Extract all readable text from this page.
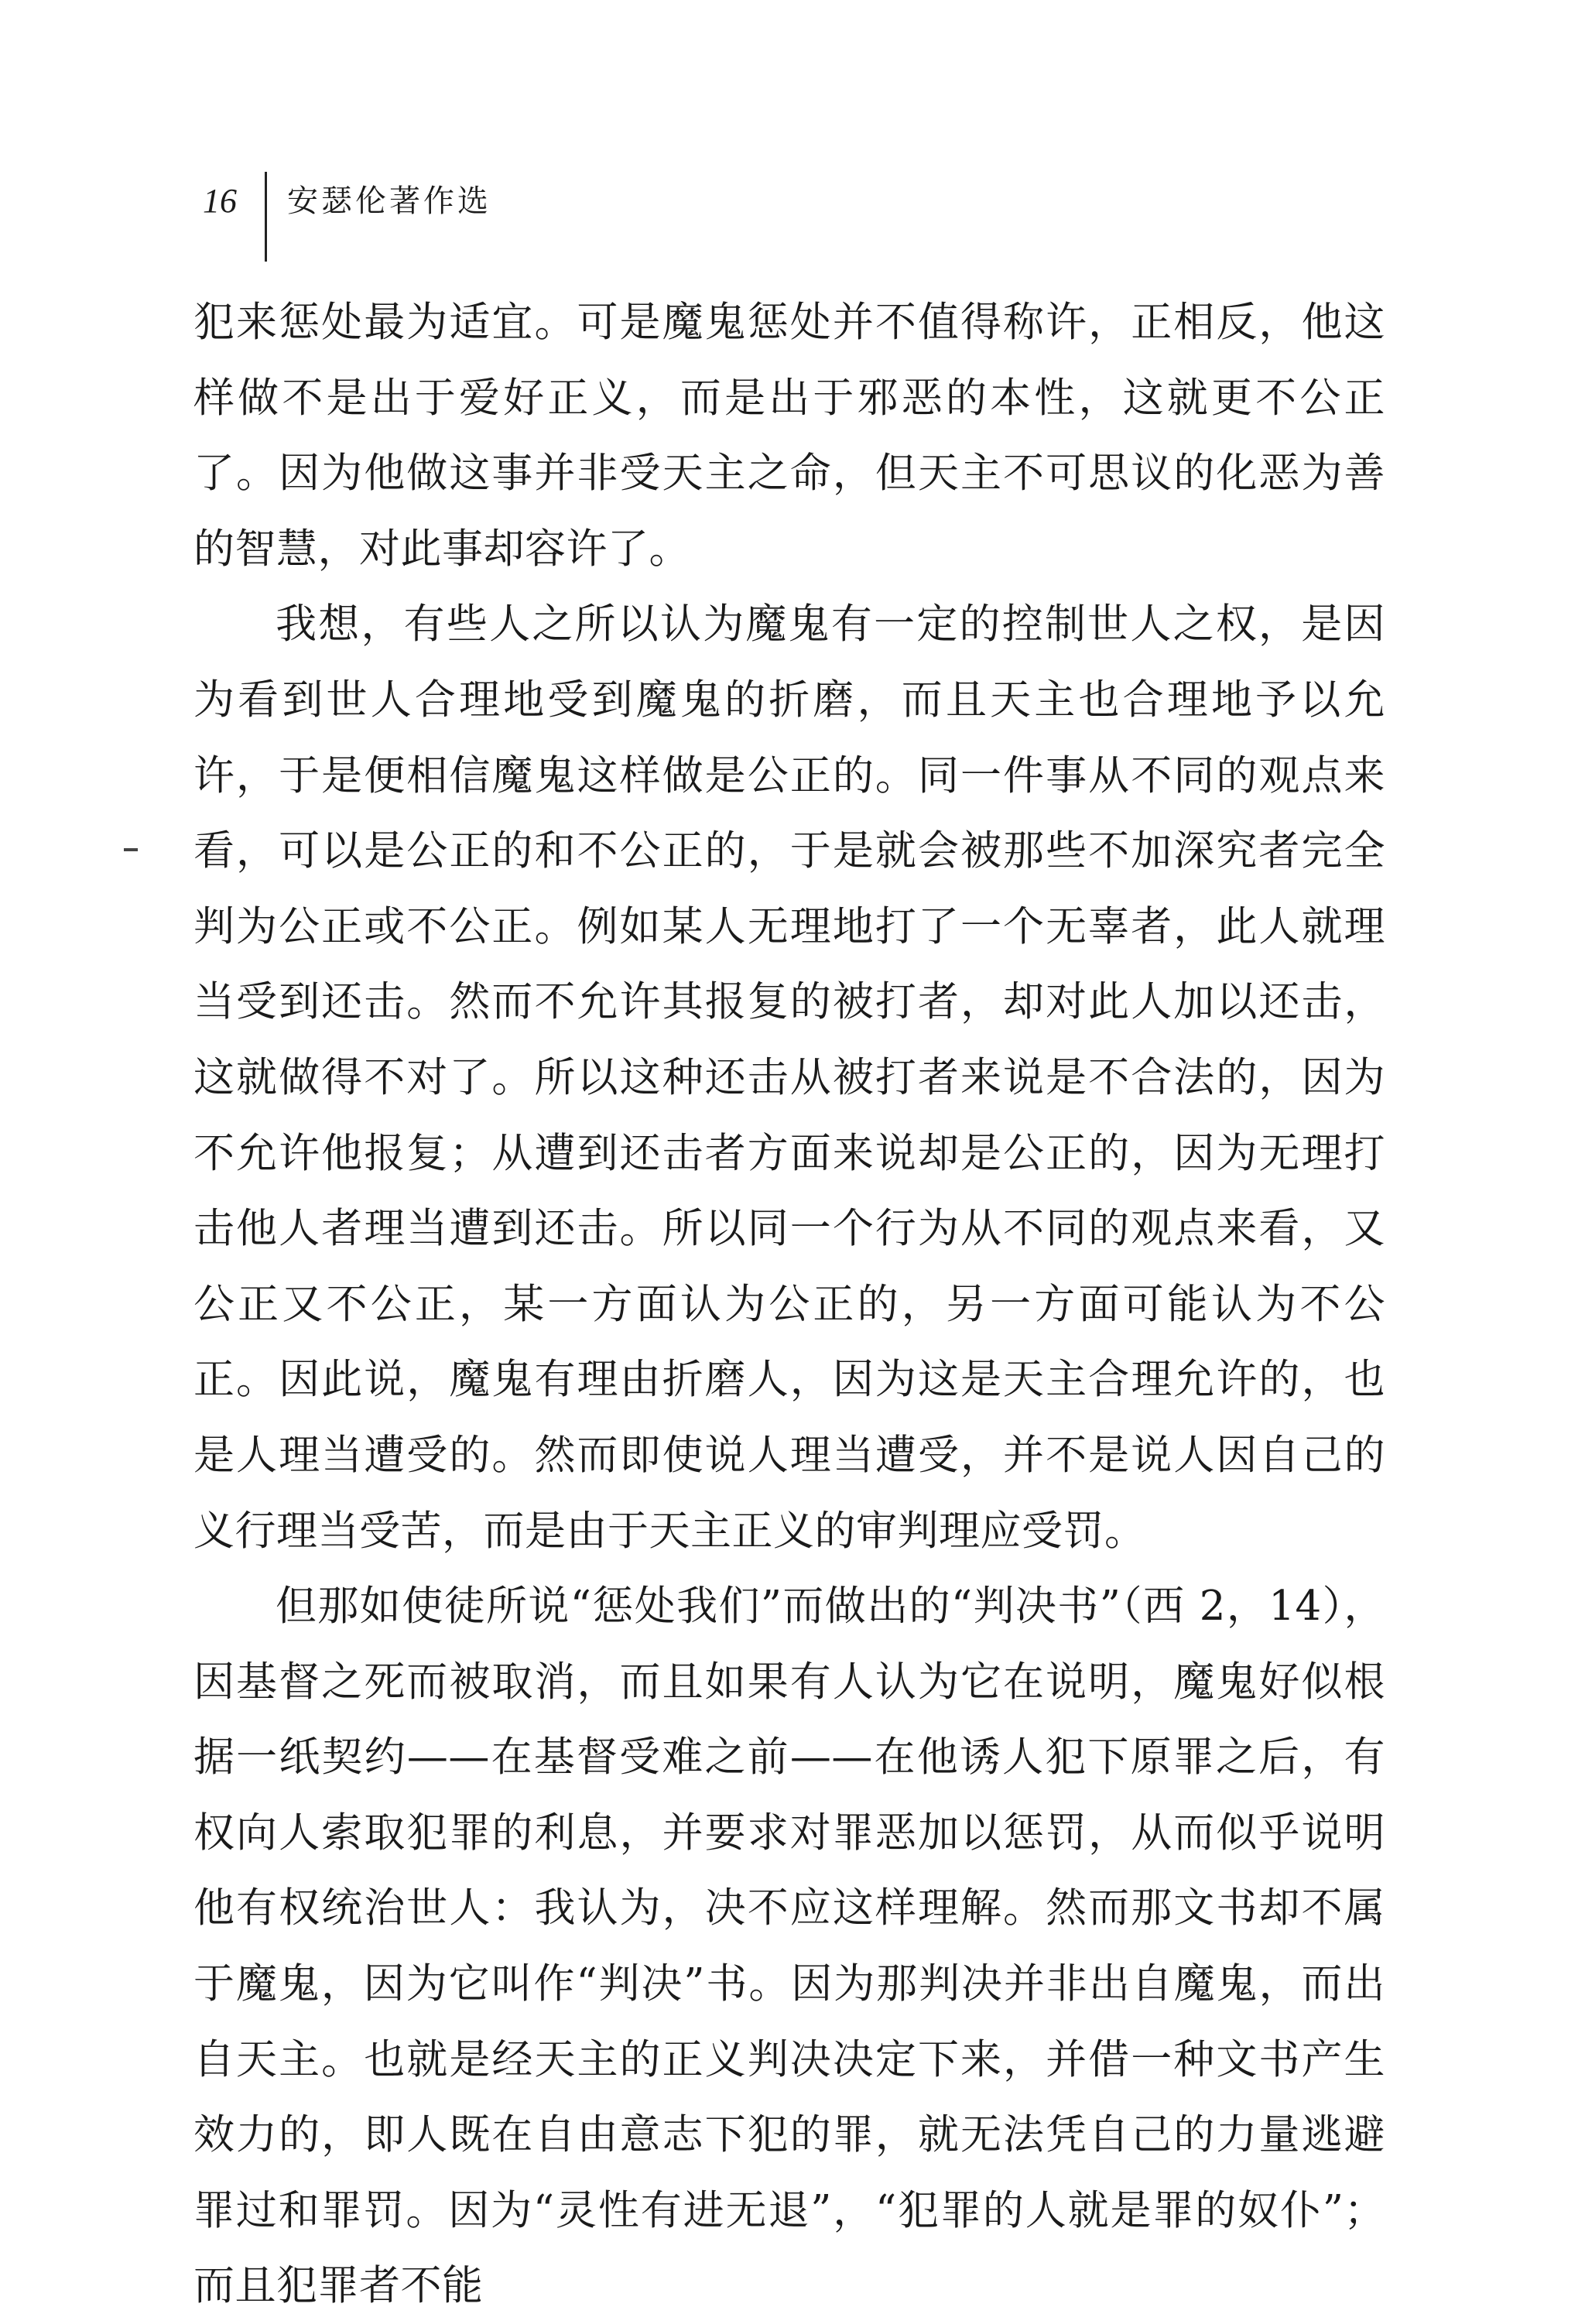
16	安瑟伦著作选

犯来惩处最为适宜。可是魔鬼惩处并不值得称许，正相反，他这样做不是出于爱好正义，而是出于邪恶的本性，这就更不公正了。因为他做这事并非受天主之命，但天主不可思议的化恶为善的智慧，对此事却容许了。

我想，有些人之所以认为魔鬼有一定的控制世人之权，是因为看到世人合理地受到魔鬼的折磨，而且天主也合理地予以允许，于是便相信魔鬼这样做是公正的。同一件事从不同的观点来看，可以是公正的和不公正的，于是就会被那些不加深究者完全判为公正或不公正。例如某人无理地打了一个无辜者，此人就理当受到还击。然而不允许其报复的被打者，却对此人加以还击，这就做得不对了。所以这种还击从被打者来说是不合法的，因为不允许他报复；从遭到还击者方面来说却是公正的，因为无理打击他人者理当遭到还击。所以同一个行为从不同的观点来看，又公正又不公正，某一方面认为公正的，另一方面可能认为不公正。因此说，魔鬼有理由折磨人，因为这是天主合理允许的，也是人理当遭受的。然而即使说人理当遭受，并不是说人因自己的义行理当受苦，而是由于天主正义的审判理应受罚。

但那如使徒所说“惩处我们”而做出的“判决书”（西 2，14），因基督之死而被取消，而且如果有人认为它在说明，魔鬼好似根据一纸契约——在基督受难之前——在他诱人犯下原罪之后，有权向人索取犯罪的利息，并要求对罪恶加以惩罚，从而似乎说明他有权统治世人：我认为，决不应这样理解。然而那文书却不属于魔鬼，因为它叫作“判决”书。因为那判决并非出自魔鬼，而出自天主。也就是经天主的正义判决决定下来，并借一种文书产生效力的，即人既在自由意志下犯的罪，就无法凭自己的力量逃避罪过和罪罚。因为“灵性有进无退”，“犯罪的人就是罪的奴仆”；而且犯罪者不能
